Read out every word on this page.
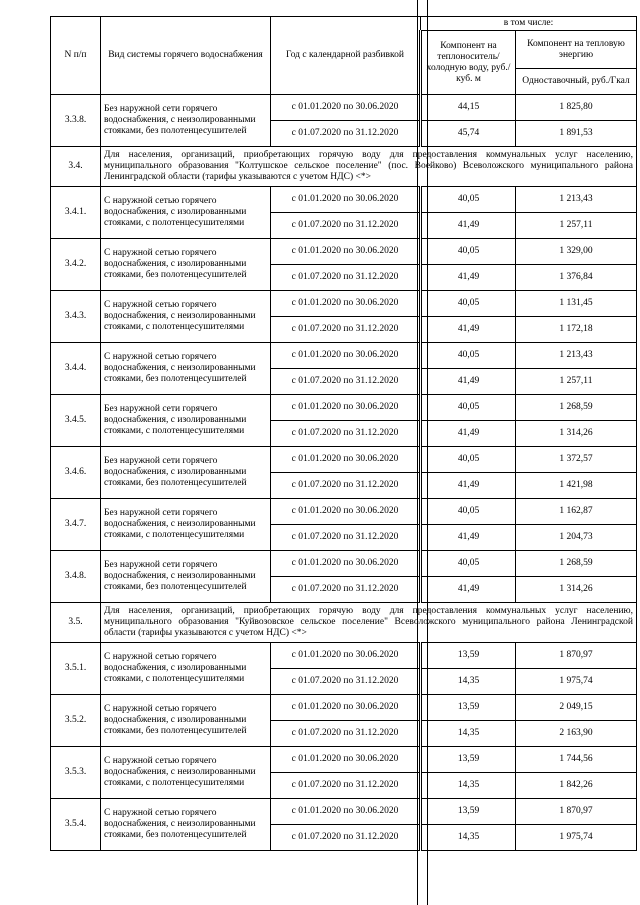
N п/п	Вид системы горячего водоснабжения	Год с календарной разбивкой	в том числе:	
			Компонент на теплоноситель/холодную воду, руб./куб. м	Компонент на тепловую энергию
				Одноставочный, руб./Гкал
3.3.8.	Без наружной сети горячего водоснабжения, с неизолированными стояками, без полотенцесушителей	с 01.01.2020 по 30.06.2020	44,15	1 825,80
		с 01.07.2020 по 31.12.2020	45,74	1 891,53
3.4.	Для населения, организаций, приобретающих горячую воду для предоставления коммунальных услуг населению, муниципального образования "Колтушское сельское поселение" (пос. Воейково) Всеволожского муниципального района Ленинградской области (тарифы указываются с учетом НДС) <*>			
3.4.1.	С наружной сетью горячего водоснабжения, с изолированными стояками, с полотенцесушителями	с 01.01.2020 по 30.06.2020	40,05	1 213,43
		с 01.07.2020 по 31.12.2020	41,49	1 257,11
3.4.2.	С наружной сетью горячего водоснабжения, с изолированными стояками, без полотенцесушителей	с 01.01.2020 по 30.06.2020	40,05	1 329,00
		с 01.07.2020 по 31.12.2020	41,49	1 376,84
3.4.3.	С наружной сетью горячего водоснабжения, с неизолированными стояками, с полотенцесушителями	с 01.01.2020 по 30.06.2020	40,05	1 131,45
		с 01.07.2020 по 31.12.2020	41,49	1 172,18
3.4.4.	С наружной сетью горячего водоснабжения, с неизолированными стояками, без полотенцесушителей	с 01.01.2020 по 30.06.2020	40,05	1 213,43
		с 01.07.2020 по 31.12.2020	41,49	1 257,11
3.4.5.	Без наружной сети горячего водоснабжения, с изолированными стояками, с полотенцесушителями	с 01.01.2020 по 30.06.2020	40,05	1 268,59
		с 01.07.2020 по 31.12.2020	41,49	1 314,26
3.4.6.	Без наружной сети горячего водоснабжения, с изолированными стояками, без полотенцесушителей	с 01.01.2020 по 30.06.2020	40,05	1 372,57
		с 01.07.2020 по 31.12.2020	41,49	1 421,98
3.4.7.	Без наружной сети горячего водоснабжения, с неизолированными стояками, с полотенцесушителями	с 01.01.2020 по 30.06.2020	40,05	1 162,87
		с 01.07.2020 по 31.12.2020	41,49	1 204,73
3.4.8.	Без наружной сети горячего водоснабжения, с неизолированными стояками, без полотенцесушителей	с 01.01.2020 по 30.06.2020	40,05	1 268,59
		с 01.07.2020 по 31.12.2020	41,49	1 314,26
3.5.	Для населения, организаций, приобретающих горячую воду для предоставления коммунальных услуг населению, муниципального образования "Куйвозовское сельское поселение" Всеволожского муниципального района Ленинградской области (тарифы указываются с учетом НДС) <*>			
3.5.1.	С наружной сетью горячего водоснабжения, с изолированными стояками, с полотенцесушителями	с 01.01.2020 по 30.06.2020	13,59	1 870,97
		с 01.07.2020 по 31.12.2020	14,35	1 975,74
3.5.2.	С наружной сетью горячего водоснабжения, с изолированными стояками, без полотенцесушителей	с 01.01.2020 по 30.06.2020	13,59	2 049,15
		с 01.07.2020 по 31.12.2020	14,35	2 163,90
3.5.3.	С наружной сетью горячего водоснабжения, с неизолированными стояками, с полотенцесушителями	с 01.01.2020 по 30.06.2020	13,59	1 744,56
		с 01.07.2020 по 31.12.2020	14,35	1 842,26
3.5.4.	С наружной сетью горячего водоснабжения, с неизолированными стояками, без полотенцесушителей	с 01.01.2020 по 30.06.2020	13,59	1 870,97
		с 01.07.2020 по 31.12.2020	14,35	1 975,74
